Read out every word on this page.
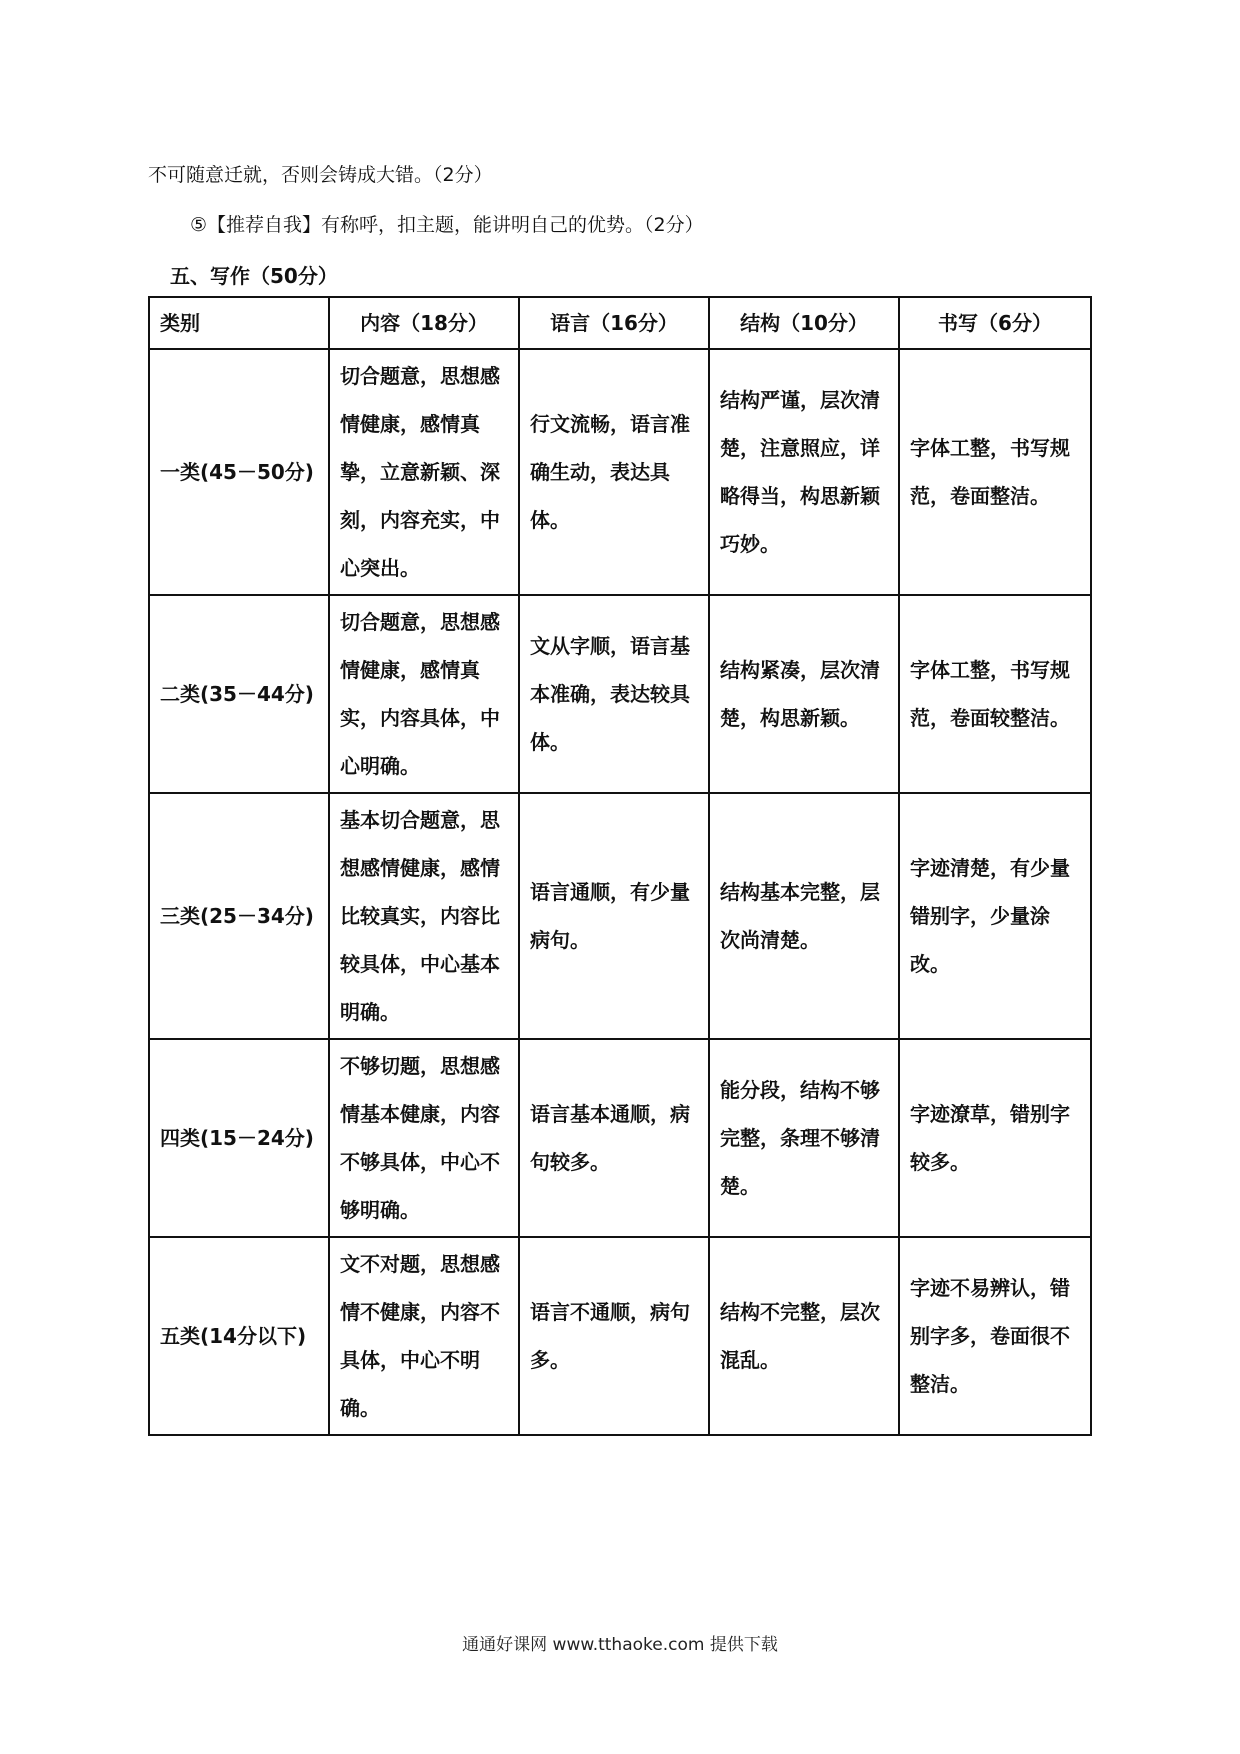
不可随意迁就，否则会铸成大错。（2分）
⑤【推荐自我】有称呼，扣主题，能讲明自己的优势。（2分）
五、写作（50分）
类别	内容（18分）	语言（16分）	结构（10分）	书写（6分）
一类(45－50分)	切合题意，思想感情健康，感情真挚，立意新颖、深刻，内容充实，中心突出。	行文流畅，语言准确生动，表达具体。	结构严谨，层次清楚，注意照应，详略得当，构思新颖巧妙。	字体工整，书写规范，卷面整洁。
二类(35－44分)	切合题意，思想感情健康，感情真实，内容具体，中心明确。	文从字顺，语言基本准确，表达较具体。	结构紧凑，层次清楚，构思新颖。	字体工整，书写规范，卷面较整洁。
三类(25－34分)	基本切合题意，思想感情健康，感情比较真实，内容比较具体，中心基本明确。	语言通顺，有少量病句。	结构基本完整，层次尚清楚。	字迹清楚，有少量错别字，少量涂改。
四类(15－24分)	不够切题，思想感情基本健康，内容不够具体，中心不够明确。	语言基本通顺，病句较多。	能分段，结构不够完整，条理不够清楚。	字迹潦草，错别字较多。
五类(14分以下)	文不对题，思想感情不健康，内容不具体，中心不明确。	语言不通顺，病句多。	结构不完整，层次混乱。	字迹不易辨认，错别字多，卷面很不整洁。
通通好课网 www.tthaoke.com 提供下载
